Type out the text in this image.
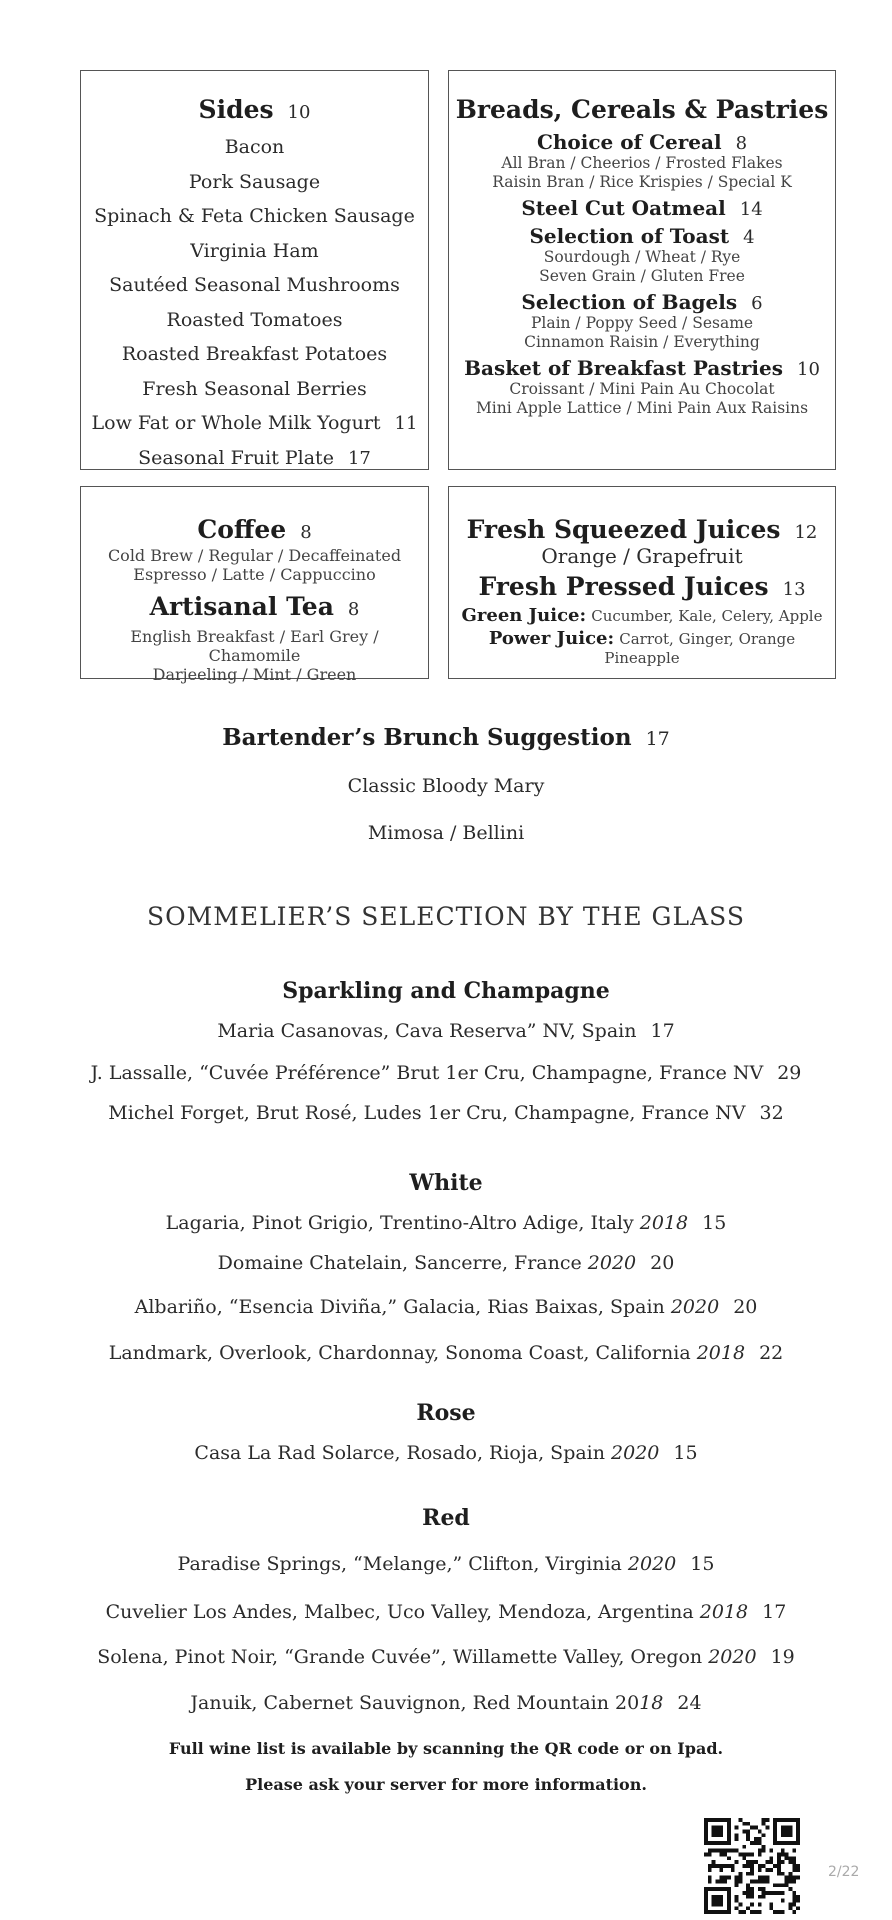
Sides 10
Bacon
Pork Sausage
Spinach & Feta Chicken Sausage
Virginia Ham
Sautéed Seasonal Mushrooms
Roasted Tomatoes
Roasted Breakfast Potatoes
Fresh Seasonal Berries
Low Fat or Whole Milk Yogurt 11
Seasonal Fruit Plate 17
Breads, Cereals & Pastries
Choice of Cereal 8
All Bran / Cheerios / Frosted Flakes
Raisin Bran / Rice Krispies / Special K
Steel Cut Oatmeal 14
Selection of Toast 4
Sourdough / Wheat / Rye
Seven Grain / Gluten Free
Selection of Bagels 6
Plain / Poppy Seed / Sesame
Cinnamon Raisin / Everything
Basket of Breakfast Pastries 10
Croissant / Mini Pain Au Chocolat
Mini Apple Lattice / Mini Pain Aux Raisins
Coffee 8
Cold Brew / Regular / Decaffeinated
Espresso / Latte / Cappuccino
Artisanal Tea 8
English Breakfast / Earl Grey /
Chamomile
Darjeeling / Mint / Green
Fresh Squeezed Juices 12
Orange / Grapefruit
Fresh Pressed Juices 13
Green Juice: Cucumber, Kale, Celery, Apple
Power Juice: Carrot, Ginger, Orange
Pineapple
Bartender’s Brunch Suggestion 17
Classic Bloody Mary
Mimosa / Bellini
SOMMELIER’S SELECTION BY THE GLASS
Sparkling and Champagne
Maria Casanovas, Cava Reserva” NV, Spain 17
J. Lassalle, “Cuvée Préférence” Brut 1er Cru, Champagne, France NV 29
Michel Forget, Brut Rosé, Ludes 1er Cru, Champagne, France NV 32
White
Lagaria, Pinot Grigio, Trentino-Altro Adige, Italy 2018 15
Domaine Chatelain, Sancerre, France 2020 20
Albariño, “Esencia Diviña,” Galacia, Rias Baixas, Spain 2020 20
Landmark, Overlook, Chardonnay, Sonoma Coast, California 2018 22
Rose
Casa La Rad Solarce, Rosado, Rioja, Spain 2020 15
Red
Paradise Springs, “Melange,” Clifton, Virginia 2020 15
Cuvelier Los Andes, Malbec, Uco Valley, Mendoza, Argentina 2018 17
Solena, Pinot Noir, “Grande Cuvée”, Willamette Valley, Oregon 2020 19
Januik, Cabernet Sauvignon, Red Mountain 2018 24
Full wine list is available by scanning the QR code or on Ipad.
Please ask your server for more information.
2/22
